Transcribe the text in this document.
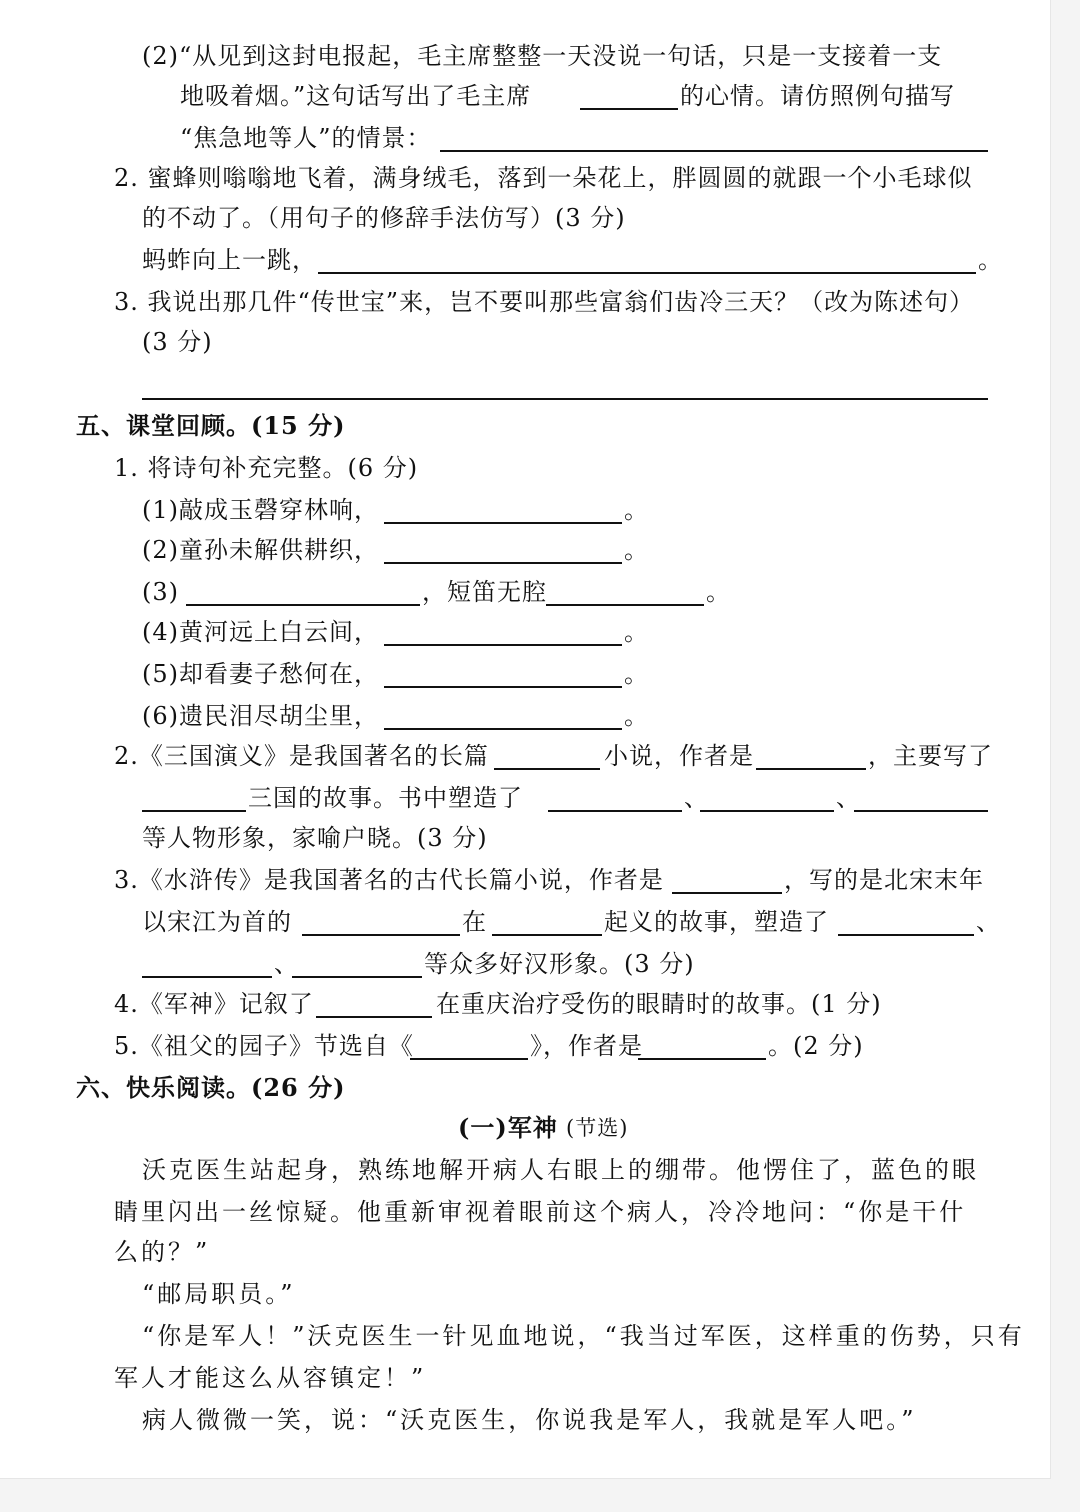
(2)“从见到这封电报起，毛主席整整一天没说一句话，只是一支接着一支
地吸着烟。”这句话写出了毛主席	的心情。请仿照例句描写
“焦急地等人”的情景：
2. 蜜蜂则嗡嗡地飞着，满身绒毛，落到一朵花上，胖圆圆的就跟一个小毛球似
的不动了。（用句子的修辞手法仿写）(3 分)
蚂蚱向上一跳，	。
3. 我说出那几件“传世宝”来，岂不要叫那些富翁们齿冷三天？（改为陈述句）
(3 分)
五、课堂回顾。(15 分)
1. 将诗句补充完整。(6 分)
(1)敲成玉磬穿林响，	。
(2)童孙未解供耕织，	。
(3)	，短笛无腔	。
(4)黄河远上白云间，	。
(5)却看妻子愁何在，	。
(6)遗民泪尽胡尘里，	。
2.《三国演义》是我国著名的长篇	小说，作者是	，主要写了
三国的故事。书中塑造了	、	、
等人物形象，家喻户晓。(3 分)
3.《水浒传》是我国著名的古代长篇小说，作者是	，写的是北宋末年
以宋江为首的	在	起义的故事，塑造了	、
、	等众多好汉形象。(3 分)
4.《军神》记叙了	在重庆治疗受伤的眼睛时的故事。(1 分)
5.《祖父的园子》节选自《	》，作者是	。(2 分)
六、快乐阅读。(26 分)
(一)军神 (节选)
沃克医生站起身，熟练地解开病人右眼上的绷带。他愣住了，蓝色的眼
睛里闪出一丝惊疑。他重新审视着眼前这个病人，冷冷地问：“你是干什
么的？”
“邮局职员。”
“你是军人！”沃克医生一针见血地说，“我当过军医，这样重的伤势，只有
军人才能这么从容镇定！”
病人微微一笑，说：“沃克医生，你说我是军人，我就是军人吧。”
